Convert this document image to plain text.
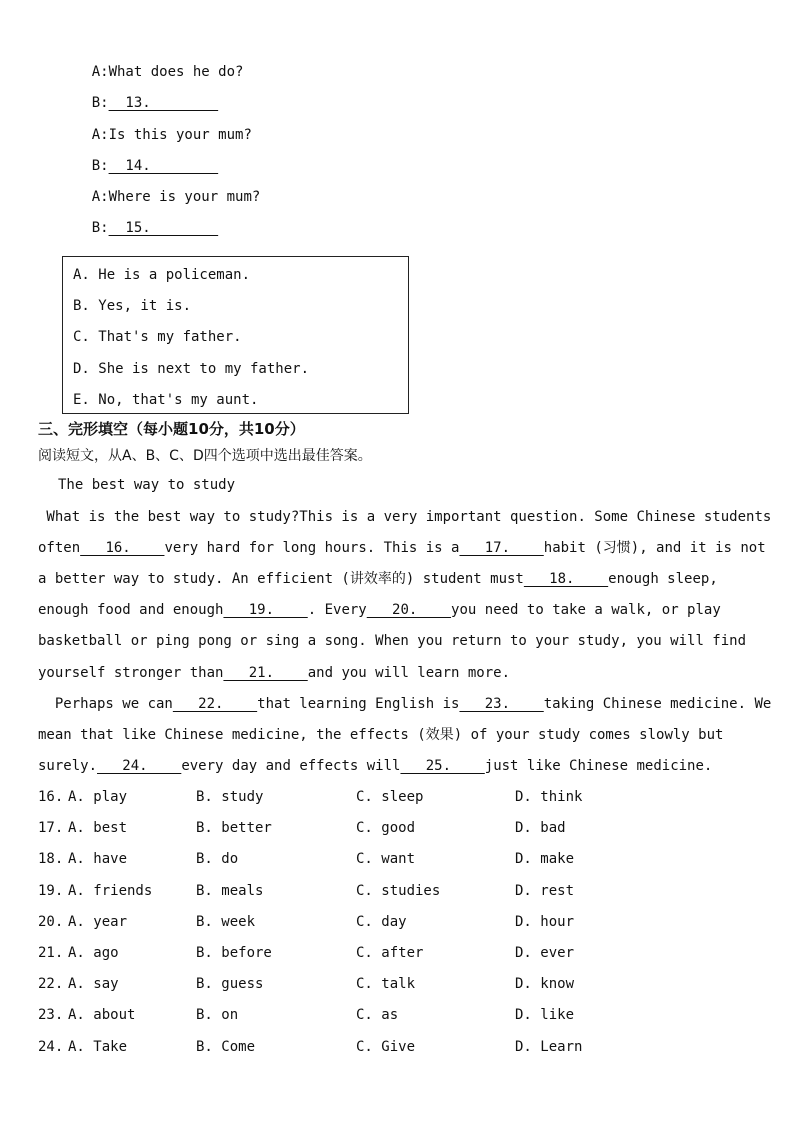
A:What does he do?

B:  13.

A:Is this your mum?

B:  14.

A:Where is your mum?

B:  15.

A. He is a policeman.
B. Yes, it is.
C. That's my father.
D. She is next to my father.
E. No, that's my aunt.
三、完形填空（每小题10分，共10分）
阅读短文，从A、B、C、D四个选项中选出最佳答案。
The best way to study
What is the best way to study?This is a very important question. Some Chinese students
often   16.    very hard for long hours. This is a   17.    habit (习惯), and it is not
a better way to study. An efficient (讲效率的) student must   18.    enough sleep,
enough food and enough   19.    . Every   20.    you need to take a walk, or play
basketball or ping pong or sing a song. When you return to your study, you will find
yourself stronger than   21.    and you will learn more.
Perhaps we can   22.    that learning English is   23.    taking Chinese medicine. We
mean that like Chinese medicine, the effects (效果) of your study comes slowly but
surely.   24.    every day and effects will   25.    just like Chinese medicine.
16. A. play	B. study	C. sleep	D. think
17. A. best	B. better	C. good	D. bad
18. A. have	B. do	C. want	D. make
19. A. friends	B. meals	C. studies	D. rest
20. A. year	B. week	C. day	D. hour
21. A. ago	B. before	C. after	D. ever
22. A. say	B. guess	C. talk	D. know
23. A. about	B. on	C. as	D. like
24. A. Take	B. Come	C. Give	D. Learn
